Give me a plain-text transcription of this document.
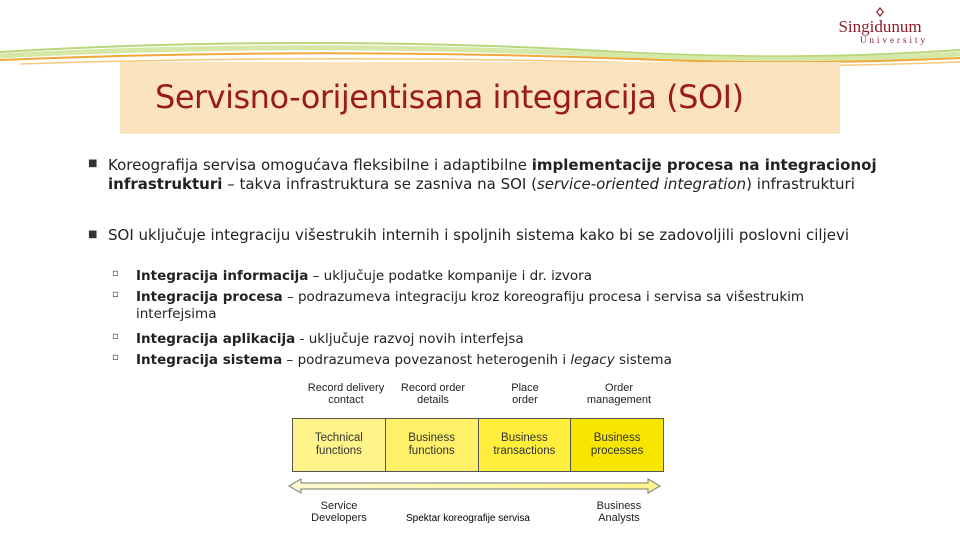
Singidunum
University
Servisno-orijentisana integracija (SOI)
■ Koreografija servisa omogućava fleksibilne i adaptibilne implementacije procesa na integracionoj infrastrukturi – takva infrastruktura se zasniva na SOI (service-oriented integration) infrastrukturi
■ SOI uključuje integraciju višestrukih internih i spoljnih sistema kako bi se zadovoljili poslovni ciljevi
▫ Integracija informacija – uključuje podatke kompanije i dr. izvora
▫ Integracija procesa – podrazumeva integraciju kroz koreografiju procesa i servisa sa višestrukim interfejsima
▫ Integracija aplikacija - uključuje razvoj novih interfejsa
▫ Integracija sistema – podrazumeva povezanost heterogenih i legacy sistema
Record delivery contact
Record order details
Place order
Order management
Technical functions
Business functions
Business transactions
Business processes
Service Developers
Business Analysts
Spektar koreografije servisa
